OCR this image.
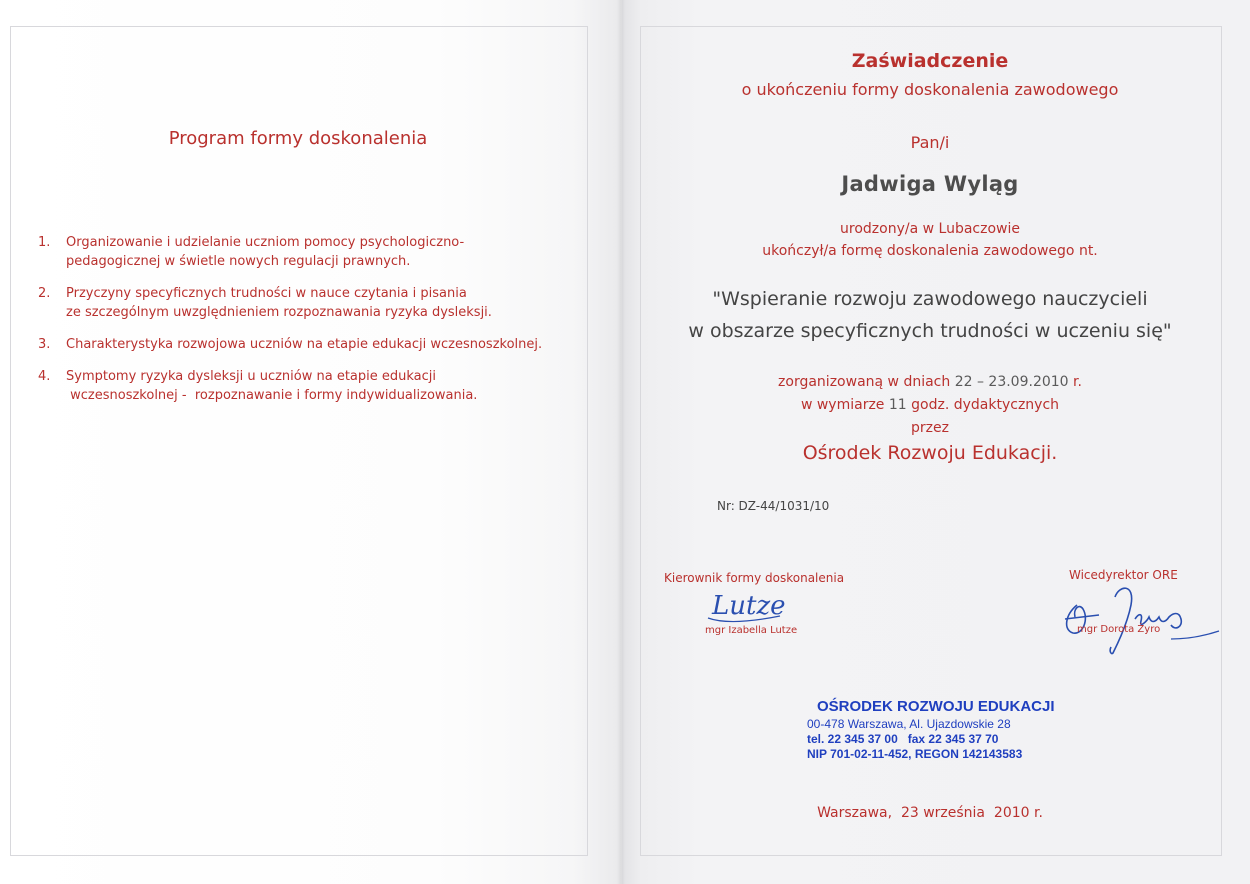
Program formy doskonalenia
1. Organizowanie i udzielanie uczniom pomocy psychologiczno-
pedagogicznej w świetle nowych regulacji prawnych.
2. Przyczyny specyficznych trudności w nauce czytania i pisania
ze szczególnym uwzględnieniem rozpoznawania ryzyka dysleksji.
3. Charakterystyka rozwojowa uczniów na etapie edukacji wczesnoszkolnej.
4. Symptomy ryzyka dysleksji u uczniów na etapie edukacji
wczesnoszkolnej -  rozpoznawanie i formy indywidualizowania.
Zaświadczenie
o ukończeniu formy doskonalenia zawodowego
Pan/i
Jadwiga Wyląg
urodzony/a w Lubaczowie
ukończył/a formę doskonalenia zawodowego nt.
"Wspieranie rozwoju zawodowego nauczycieli
w obszarze specyficznych trudności w uczeniu się"
zorganizowaną w dniach 22 – 23.09.2010 r.
w wymiarze 11 godz. dydaktycznych
przez
Ośrodek Rozwoju Edukacji.
Nr: DZ-44/1031/10
Kierownik formy doskonalenia
Lutze
mgr Izabella Lutze
Wicedyrektor ORE
mgr Dorota Żyro
OŚRODEK ROZWOJU EDUKACJI
00-478 Warszawa, Al. Ujazdowskie 28
tel. 22 345 37 00   fax 22 345 37 70
NIP 701-02-11-452, REGON 142143583
Warszawa,  23 września  2010 r.
